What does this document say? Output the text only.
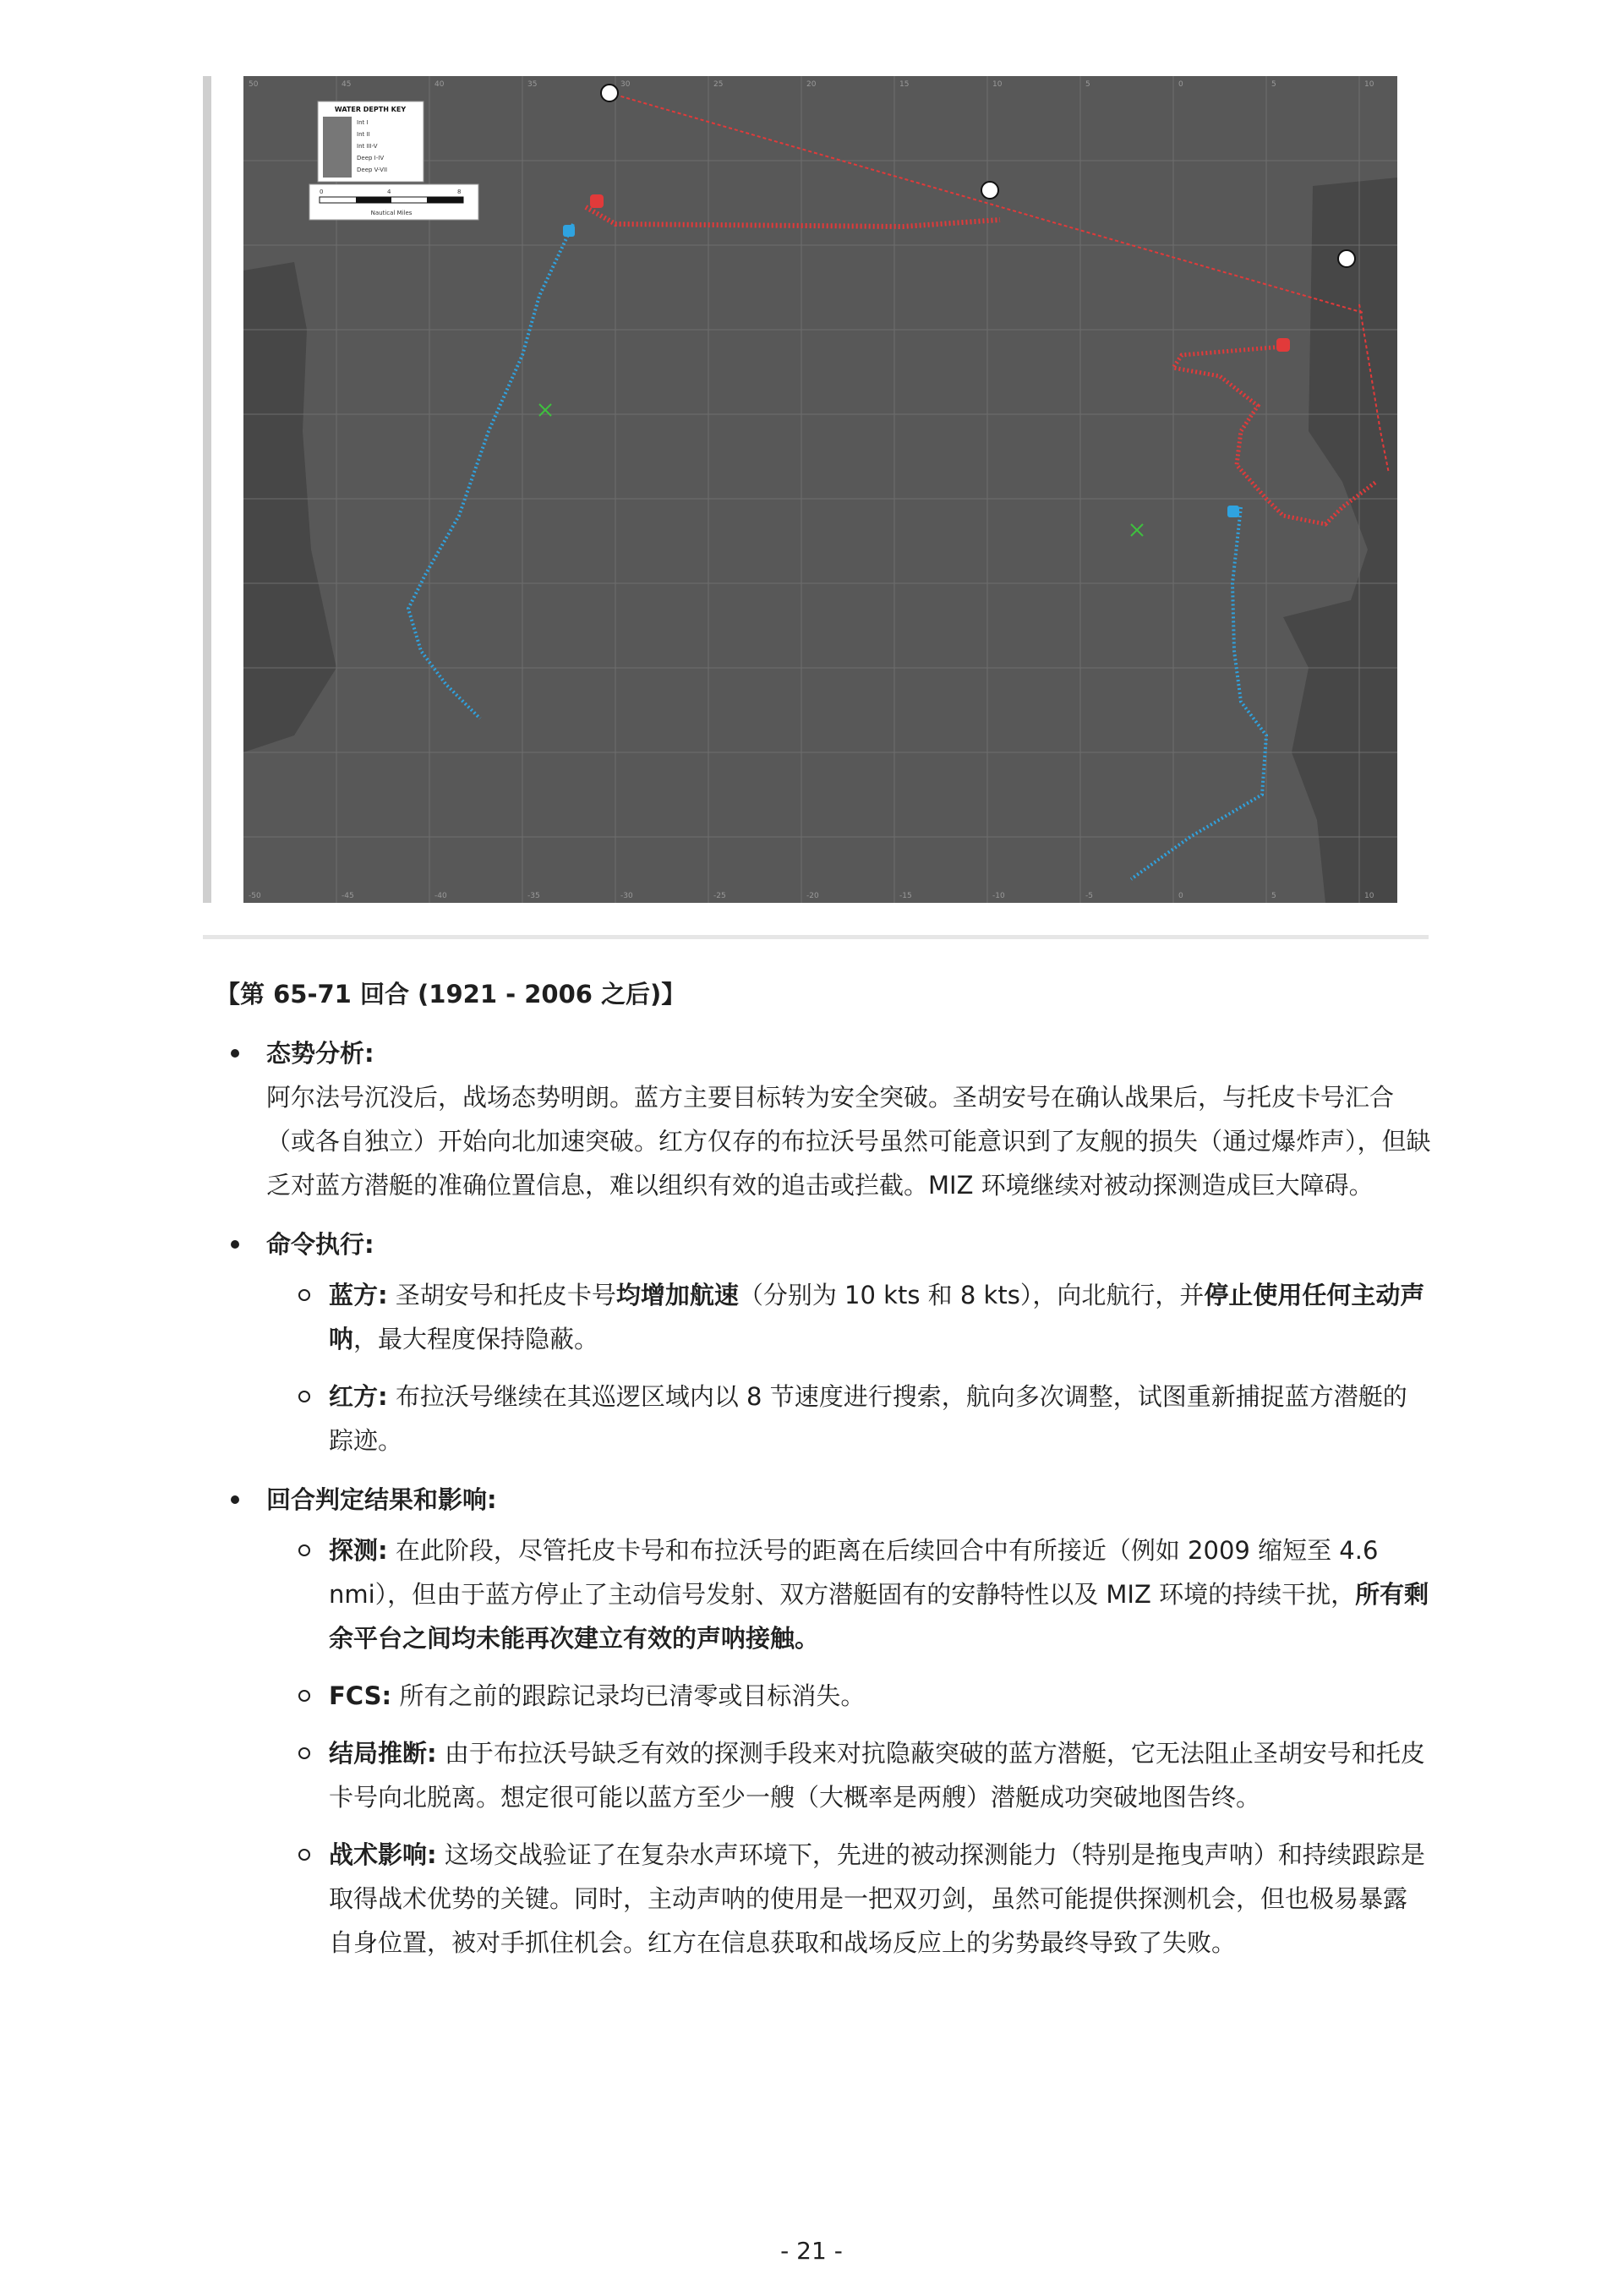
50	45	40	35	30	25	20	15	10	5	0	5	10
-50	-45	-40	-35	-30	-25	-20	-15	-10	-5	0	5	10
WATER DEPTH KEY
Int I
Int II
Int III-V
Deep I-IV
Deep V-VII
0	4	8
Nautical Miles
【第 65-71 回合 (1921 - 2006 之后)】
态势分析:
阿尔法号沉没后，战场态势明朗。蓝方主要目标转为安全突破。圣胡安号在确认战果后，与托皮卡号汇合（或各自独立）开始向北加速突破。红方仅存的布拉沃号虽然可能意识到了友舰的损失（通过爆炸声），但缺乏对蓝方潜艇的准确位置信息，难以组织有效的追击或拦截。MIZ 环境继续对被动探测造成巨大障碍。
命令执行:
蓝方: 圣胡安号和托皮卡号均增加航速（分别为 10 kts 和 8 kts），向北航行，并停止使用任何主动声呐，最大程度保持隐蔽。
红方: 布拉沃号继续在其巡逻区域内以 8 节速度进行搜索，航向多次调整，试图重新捕捉蓝方潜艇的踪迹。
回合判定结果和影响:
探测: 在此阶段，尽管托皮卡号和布拉沃号的距离在后续回合中有所接近（例如 2009 缩短至 4.6 nmi），但由于蓝方停止了主动信号发射、双方潜艇固有的安静特性以及 MIZ 环境的持续干扰，所有剩余平台之间均未能再次建立有效的声呐接触。
FCS: 所有之前的跟踪记录均已清零或目标消失。
结局推断: 由于布拉沃号缺乏有效的探测手段来对抗隐蔽突破的蓝方潜艇，它无法阻止圣胡安号和托皮卡号向北脱离。想定很可能以蓝方至少一艘（大概率是两艘）潜艇成功突破地图告终。
战术影响: 这场交战验证了在复杂水声环境下，先进的被动探测能力（特别是拖曳声呐）和持续跟踪是取得战术优势的关键。同时，主动声呐的使用是一把双刃剑，虽然可能提供探测机会，但也极易暴露自身位置，被对手抓住机会。红方在信息获取和战场反应上的劣势最终导致了失败。
- 21 -
